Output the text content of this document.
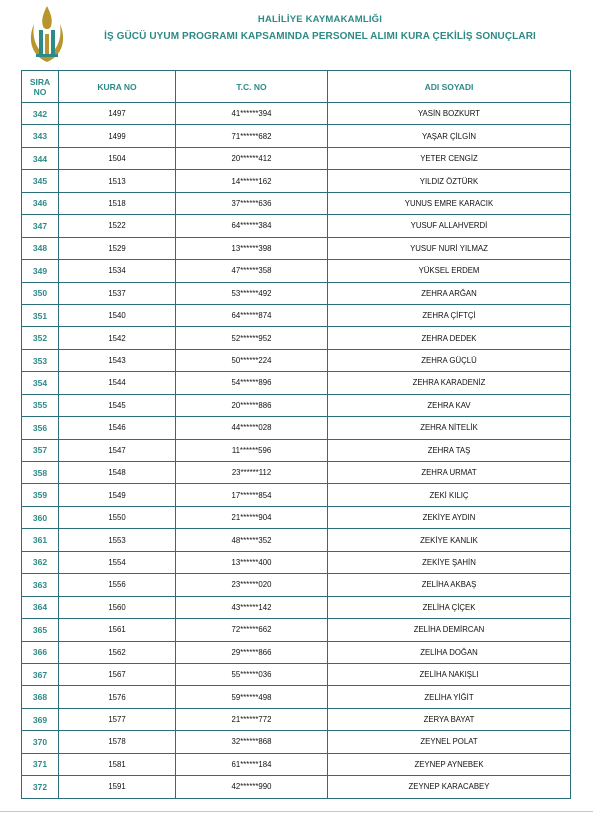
HALİLİYE KAYMAKAMLIĞI
İŞ GÜCÜ UYUM PROGRAMI KAPSAMINDA PERSONEL ALIMI KURA ÇEKİLİŞ SONUÇLARI
SIRA
NO	KURA NO	T.C. NO	ADI SOYADI
342	1497	41******394	YASİN BOZKURT
343	1499	71******682	YAŞAR ÇİLGİN
344	1504	20******412	YETER CENGİZ
345	1513	14******162	YILDIZ ÖZTÜRK
346	1518	37******636	YUNUS EMRE KARACIK
347	1522	64******384	YUSUF ALLAHVERDİ
348	1529	13******398	YUSUF NURİ YILMAZ
349	1534	47******358	YÜKSEL ERDEM
350	1537	53******492	ZEHRA ARĞAN
351	1540	64******874	ZEHRA ÇİFTÇİ
352	1542	52******952	ZEHRA DEDEK
353	1543	50******224	ZEHRA GÜÇLÜ
354	1544	54******896	ZEHRA KARADENİZ
355	1545	20******886	ZEHRA KAV
356	1546	44******028	ZEHRA NİTELİK
357	1547	11******596	ZEHRA TAŞ
358	1548	23******112	ZEHRA URMAT
359	1549	17******854	ZEKİ KILIÇ
360	1550	21******904	ZEKİYE AYDIN
361	1553	48******352	ZEKİYE KANLIK
362	1554	13******400	ZEKİYE ŞAHİN
363	1556	23******020	ZELİHA AKBAŞ
364	1560	43******142	ZELİHA ÇİÇEK
365	1561	72******662	ZELİHA DEMİRCAN
366	1562	29******866	ZELİHA DOĞAN
367	1567	55******036	ZELİHA NAKIŞLI
368	1576	59******498	ZELİHA YİĞİT
369	1577	21******772	ZERYA BAYAT
370	1578	32******868	ZEYNEL POLAT
371	1581	61******184	ZEYNEP AYNEBEK
372	1591	42******990	ZEYNEP KARACABEY
